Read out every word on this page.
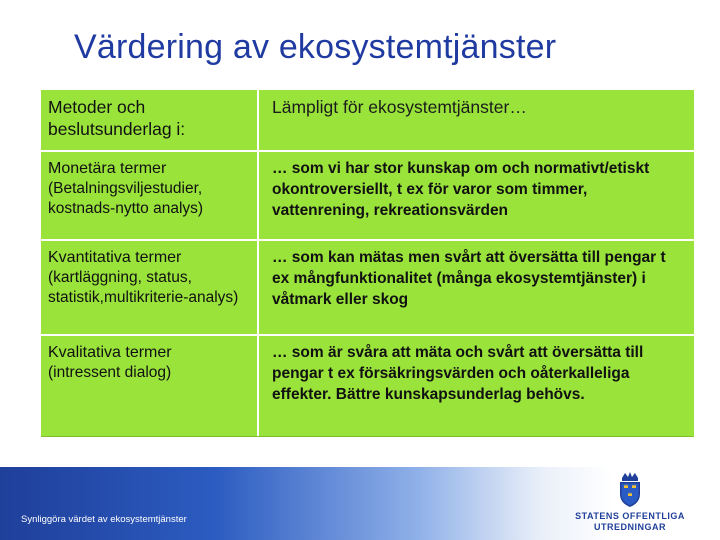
Värdering av ekosystemtjänster
Metoder och beslutsunderlag i:
Lämpligt för ekosystemtjänster…
Monetära termer
(Betalningsviljestudier, kostnads-nytto analys)
… som vi har stor kunskap om och normativt/etiskt okontroversiellt, t ex för varor som timmer, vattenrening, rekreationsvärden
Kvantitativa termer
(kartläggning, status, statistik,multikriterie-analys)
… som kan mätas men svårt att översätta till pengar t ex mångfunktionalitet (många ekosystemtjänster) i våtmark eller skog
Kvalitativa termer
(intressent dialog)
… som är svåra att mäta och svårt att översätta till pengar t ex försäkringsvärden och oåterkalleliga effekter. Bättre kunskapsunderlag behövs.
Synliggöra värdet av ekosystemtjänster	STATENS OFFENTLIGA
UTREDNINGAR
